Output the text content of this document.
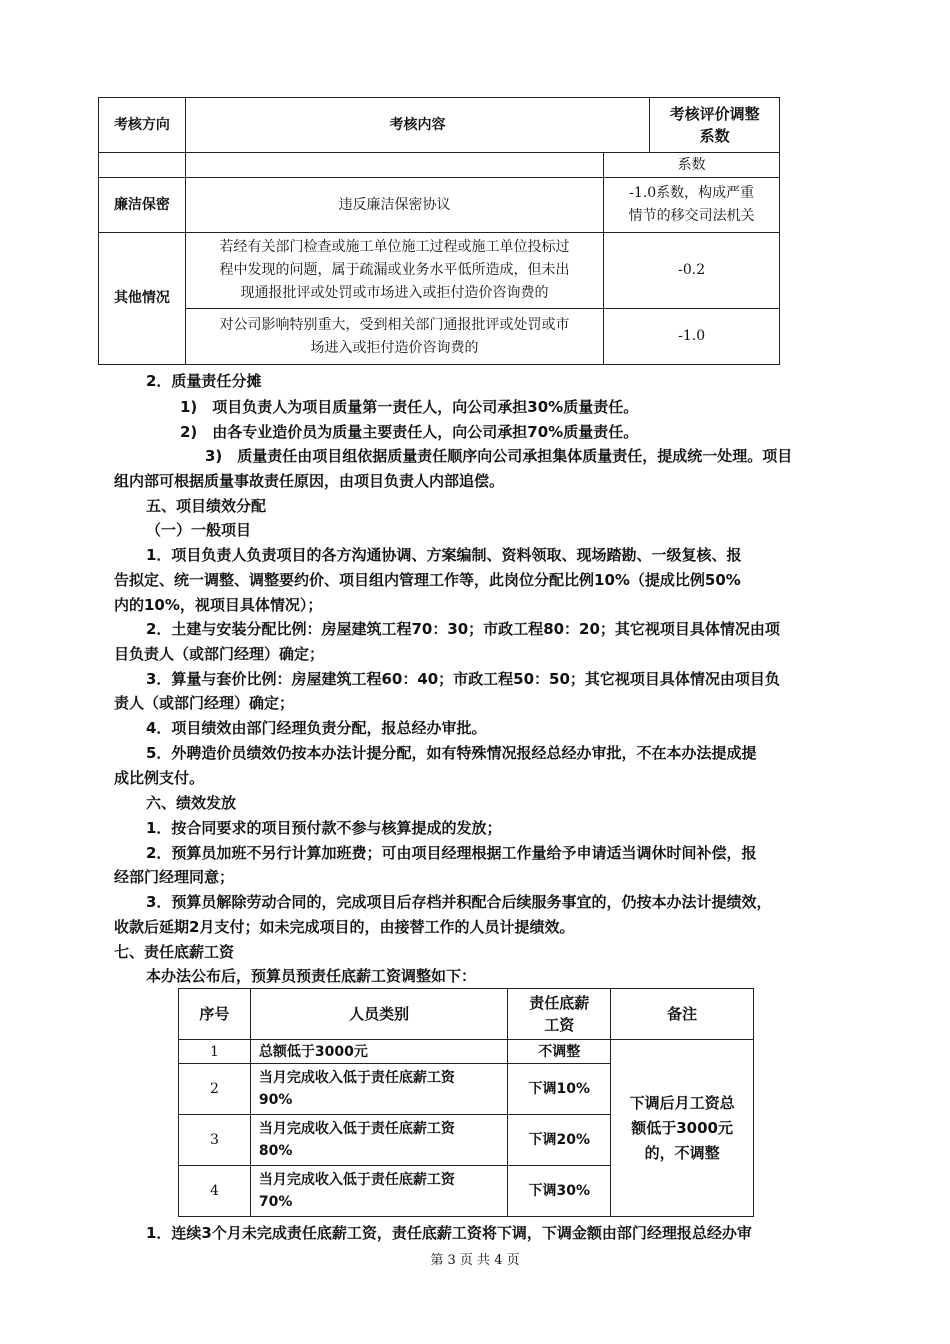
考核方向	考核内容		考核评价调整
系数

		系数	
廉洁保密	违反廉洁保密协议	-1.0系数，构成严重
情节的移交司法机关	

其他情况	若经有关部门检查或施工单位施工过程或施工单位投标过
程中发现的问题，属于疏漏或业务水平低所造成，但未出
现通报批评或处罚或市场进入或拒付造价咨询费的	-0.2	

	对公司影响特别重大，受到相关部门通报批评或处罚或市
场进入或拒付造价咨询费的	-1.0	
2．质量责任分摊
1)　项目负责人为项目质量第一责任人，向公司承担30%质量责任。
2)　由各专业造价员为质量主要责任人，向公司承担70%质量责任。
3)　质量责任由项目组依据质量责任顺序向公司承担集体质量责任，提成统一处理。项目
组内部可根据质量事故责任原因，由项目负责人内部追偿。
五、项目绩效分配
（一）一般项目
1．项目负责人负责项目的各方沟通协调、方案编制、资料领取、现场踏勘、一级复核、报
告拟定、统一调整、调整要约价、项目组内管理工作等，此岗位分配比例10%（提成比例50%
内的10%，视项目具体情况）；
2．土建与安装分配比例：房屋建筑工程70：30；市政工程80：20；其它视项目具体情况由项
目负责人（或部门经理）确定；
3．算量与套价比例：房屋建筑工程60：40；市政工程50：50；其它视项目具体情况由项目负
责人（或部门经理）确定；
4．项目绩效由部门经理负责分配，报总经办审批。
5．外聘造价员绩效仍按本办法计提分配，如有特殊情况报经总经办审批，不在本办法提成提
成比例支付。
六、绩效发放
1．按合同要求的项目预付款不参与核算提成的发放；
2．预算员加班不另行计算加班费；可由项目经理根据工作量给予申请适当调休时间补偿，报
经部门经理同意；
3．预算员解除劳动合同的，完成项目后存档并积配合后续服务事宜的，仍按本办法计提绩效，
收款后延期2月支付；如未完成项目的，由接替工作的人员计提绩效。
七、责任底薪工资
本办法公布后，预算员预责任底薪工资调整如下：
序号	人员类别	责任底薪
工资	备注
1	总额低于3000元	不调整	下调后月工资总
额低于3000元
的，不调整

2	当月完成收入低于责任底薪工资
90%	下调10%	
3	当月完成收入低于责任底薪工资
80%	下调20%	
4	当月完成收入低于责任底薪工资
70%	下调30%	
1．连续3个月未完成责任底薪工资，责任底薪工资将下调，下调金额由部门经理报总经办审
第 3 页 共 4 页
